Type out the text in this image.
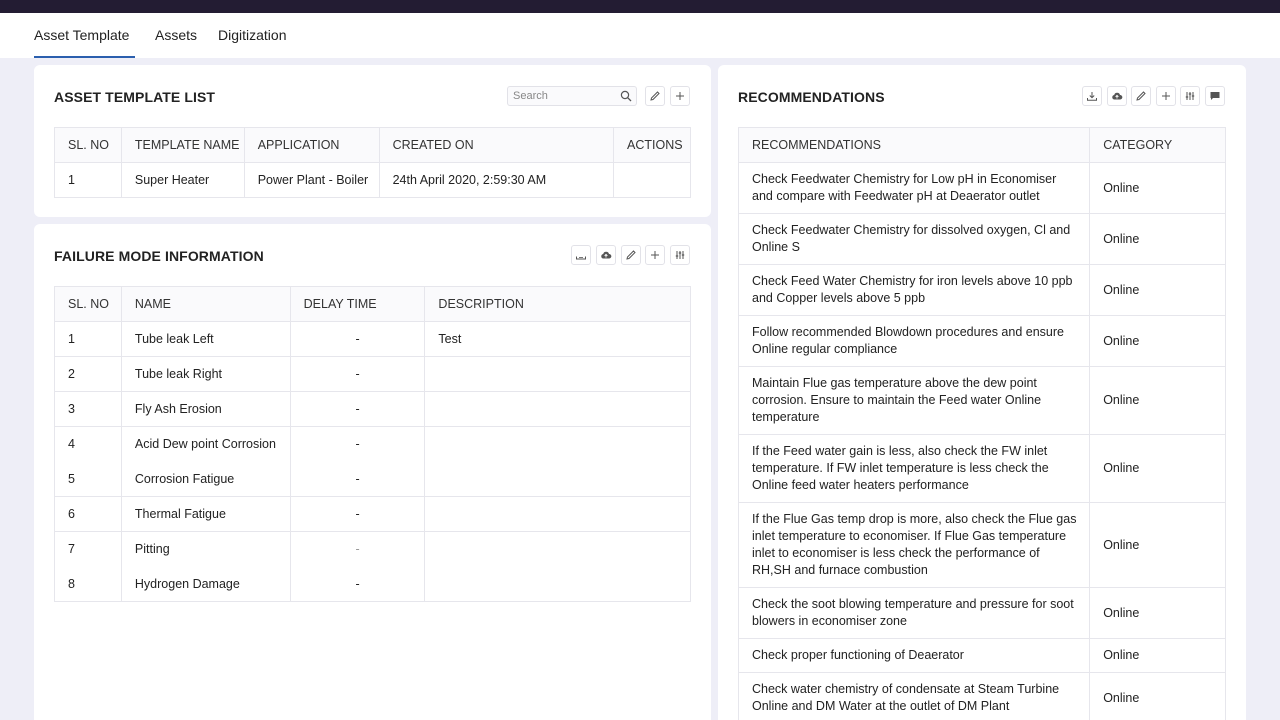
Asset Template Assets Digitization
ASSET TEMPLATE LIST
Search
SL. NO	TEMPLATE NAME	APPLICATION	CREATED ON	ACTIONS
1	Super Heater	Power Plant - Boiler	24th April 2020, 2:59:30 AM	
FAILURE MODE INFORMATION
SL. NO	NAME	DELAY TIME	DESCRIPTION
1	Tube leak Left	-	Test
2	Tube leak Right	-	
3	Fly Ash Erosion	-	
4	Acid Dew point Corrosion	-	
5	Corrosion Fatigue	-	
6	Thermal Fatigue	-	
7	Pitting	-	
8	Hydrogen Damage	-	
RECOMMENDATIONS
RECOMMENDATIONS	CATEGORY
Check Feedwater Chemistry for Low pH in Economiser and compare with Feedwater pH at Deaerator outlet	Online
Check Feedwater Chemistry for dissolved oxygen, Cl and Online S	Online
Check Feed Water Chemistry for iron levels above 10 ppb and Copper levels above 5 ppb	Online
Follow recommended Blowdown procedures and ensure Online regular compliance	Online
Maintain Flue gas temperature above the dew point corrosion. Ensure to maintain the Feed water Online temperature	Online
If the Feed water gain is less, also check the FW inlet temperature. If FW inlet temperature is less check the Online feed water heaters performance	Online
If the Flue Gas temp drop is more, also check the Flue gas inlet temperature to economiser. If Flue Gas temperature inlet to economiser is less check the performance of RH,SH and furnace combustion	Online
Check the soot blowing temperature and pressure for soot blowers in economiser zone	Online
Check proper functioning of Deaerator	Online
Check water chemistry of condensate at Steam Turbine Online and DM Water at the outlet of DM Plant	Online
